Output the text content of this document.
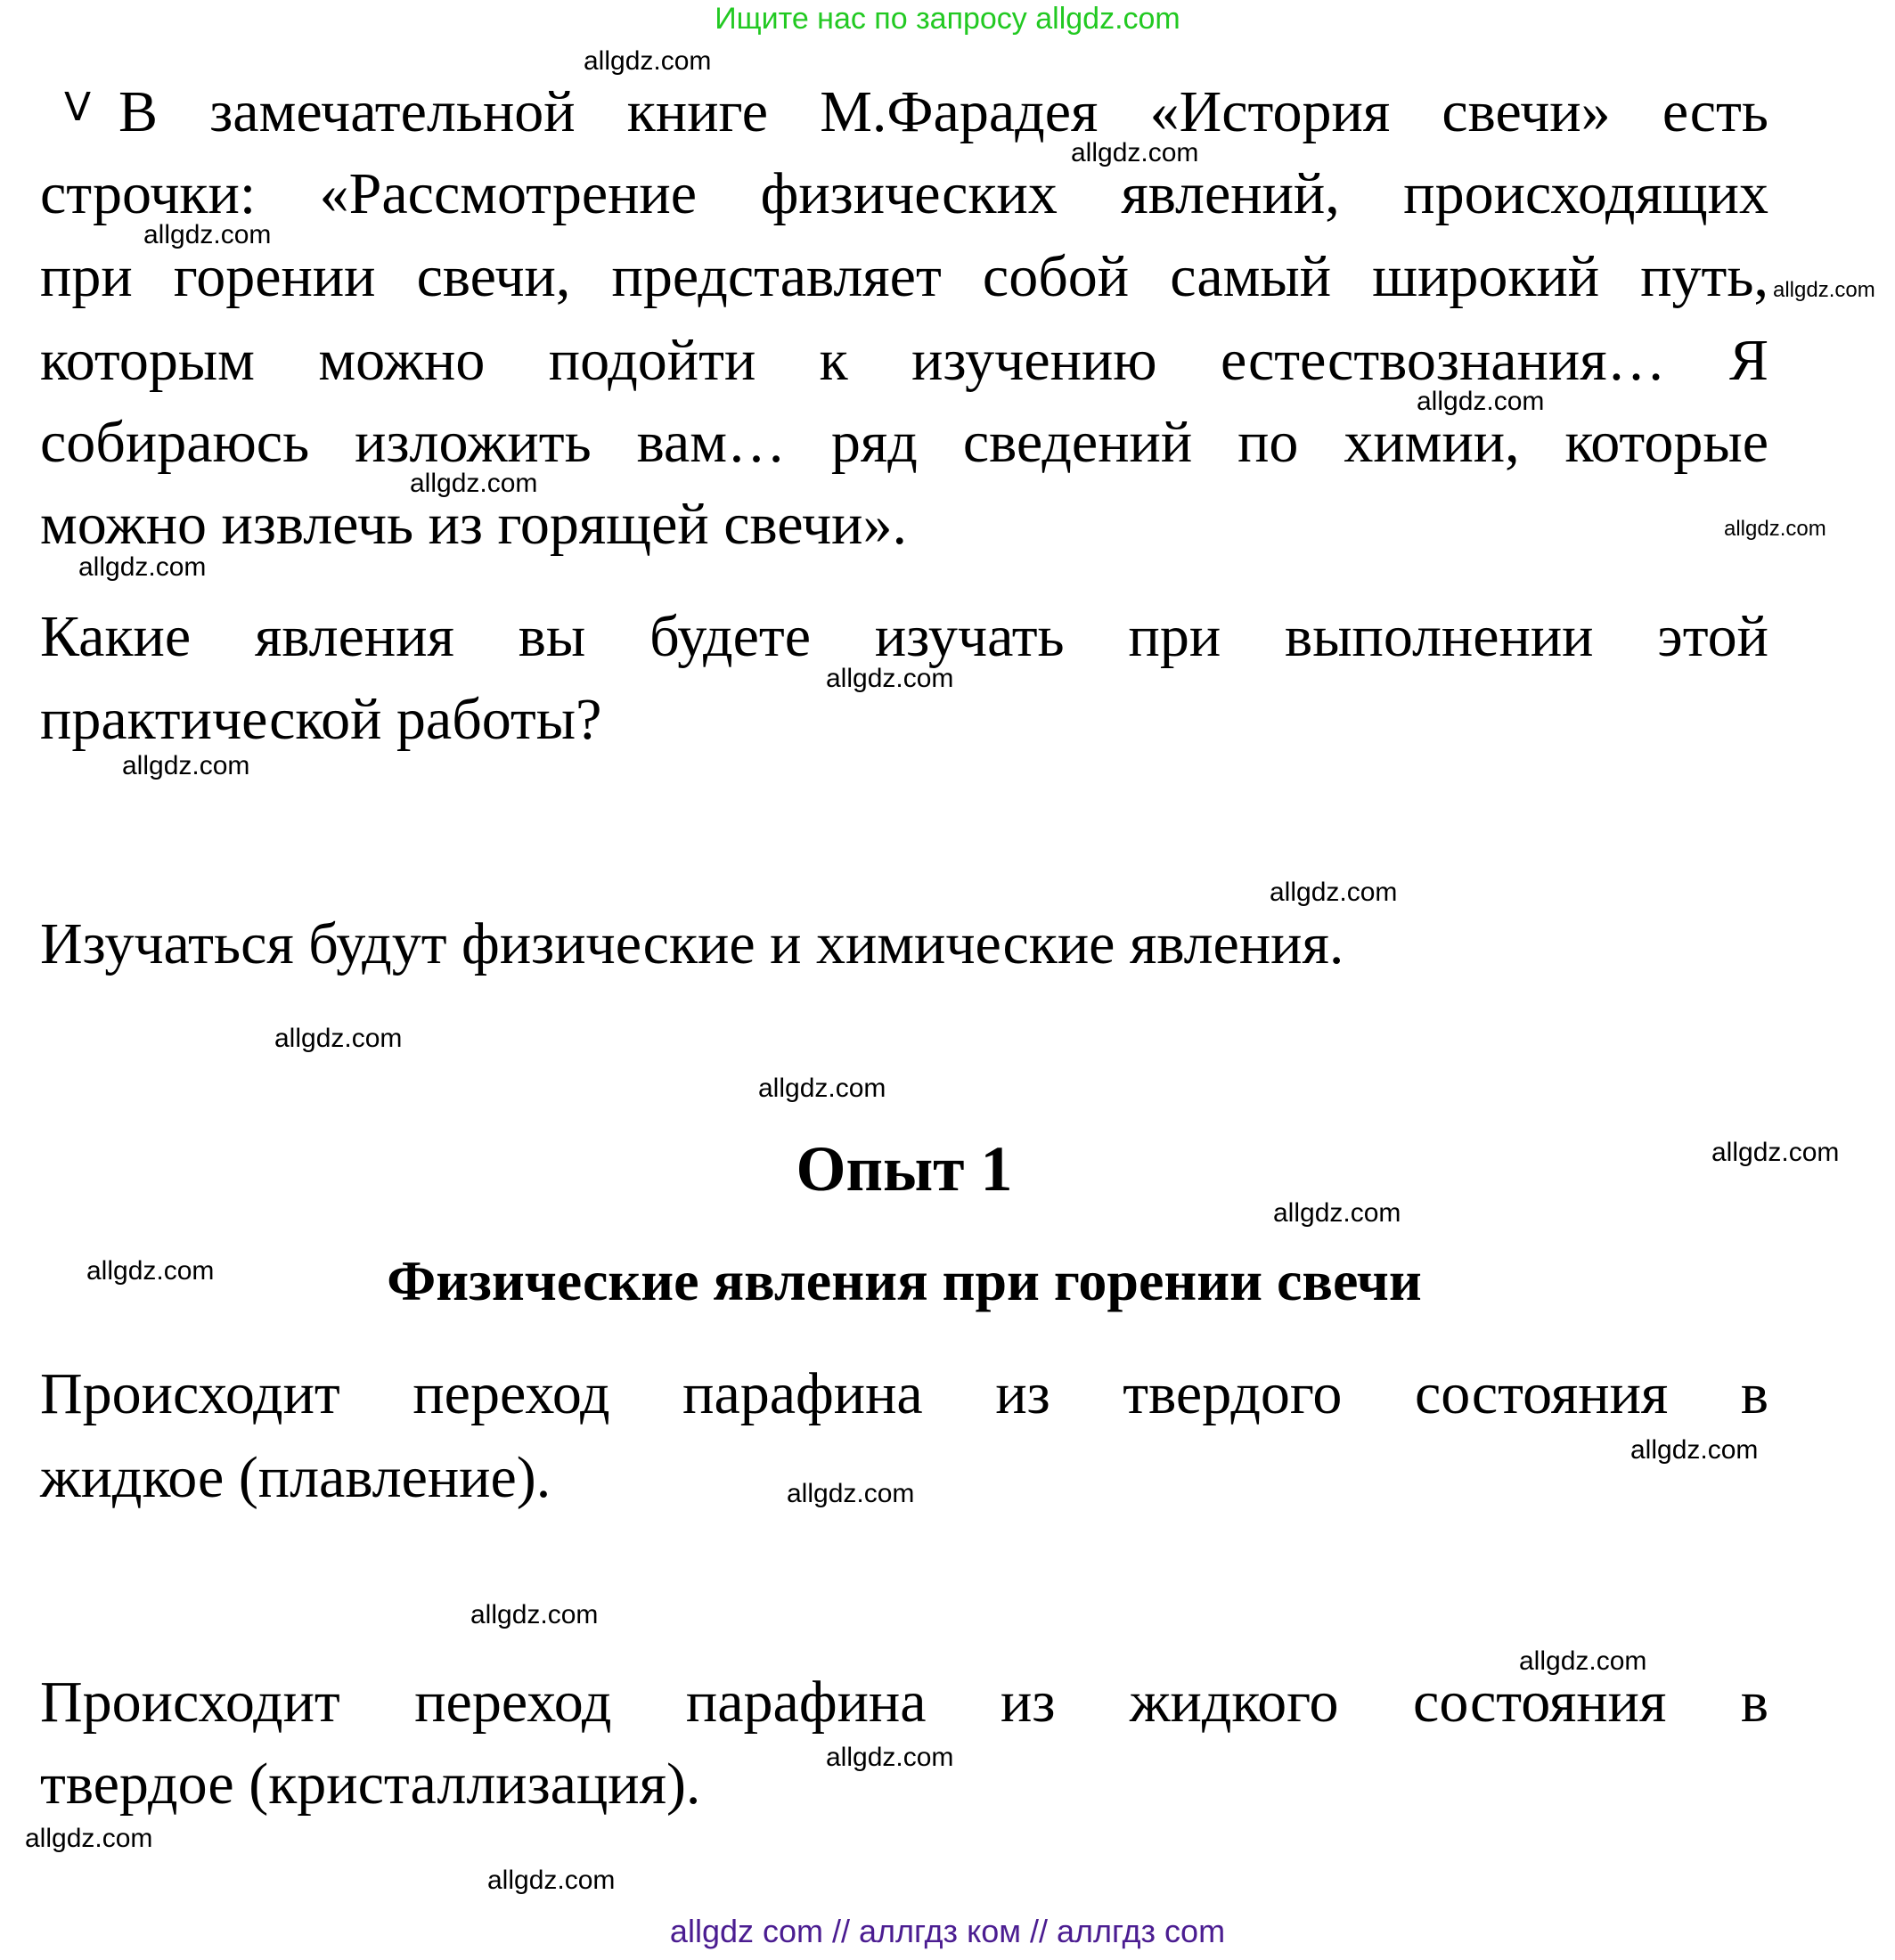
Ищите нас по запросу allgdz.com
ᐯ В замечательной книге М.Фарадея «История свечи» есть
строчки: «Рассмотрение физических явлений, происходящих
при горении свечи, представляет собой самый широкий путь,
которым можно подойти к изучению естествознания… Я
собираюсь изложить вам… ряд сведений по химии, которые
можно извлечь из горящей свечи».
Какие явления вы будете изучать при выполнении этой
практической работы?
Изучаться будут физические и химические явления.
Опыт 1
Физические явления при горении свечи
Происходит переход парафина из твердого состояния в
жидкое (плавление).
Происходит переход парафина из жидкого состояния в
твердое (кристаллизация).
allgdz.com
allgdz.com
allgdz.com
allgdz.com
allgdz.com
allgdz.com
allgdz.com
allgdz.com
allgdz.com
allgdz.com
allgdz.com
allgdz.com
allgdz.com
allgdz.com
allgdz.com
allgdz.com
allgdz.com
allgdz.com
allgdz.com
allgdz.com
allgdz.com
allgdz.com
allgdz.com
allgdz com // аллгдз ком // аллгдз com
